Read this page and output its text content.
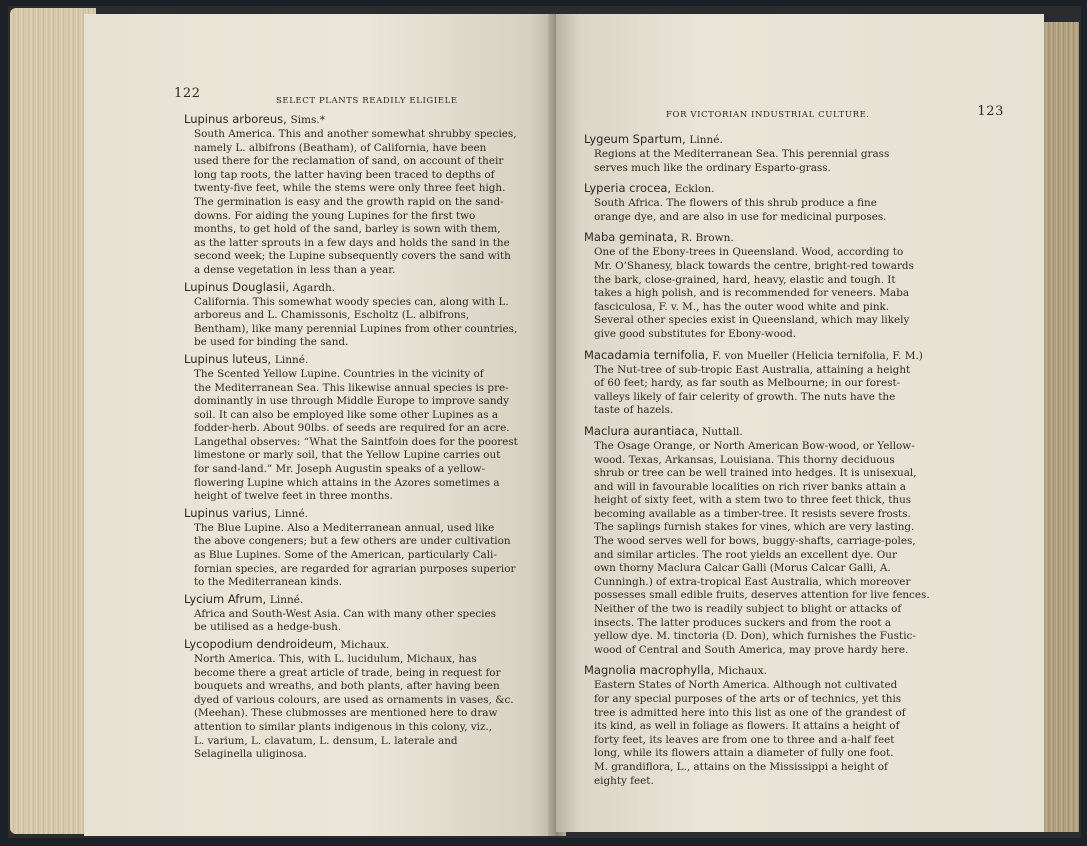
122	SELECT PLANTS READILY ELIGIELE
Lupinus arboreus, Sims.*
South America. This and another somewhat shrubby species,
namely L. albifrons (Beatham), of California, have been
used there for the reclamation of sand, on account of their
long tap roots, the latter having been traced to depths of
twenty-five feet, while the stems were only three feet high.
The germination is easy and the growth rapid on the sand-
downs. For aiding the young Lupines for the first two
months, to get hold of the sand, barley is sown with them,
as the latter sprouts in a few days and holds the sand in the
second week; the Lupine subsequently covers the sand with
a dense vegetation in less than a year.
Lupinus Douglasii, Agardh.
California. This somewhat woody species can, along with L.
arboreus and L. Chamissonis, Escholtz (L. albifrons,
Bentham), like many perennial Lupines from other countries,
be used for binding the sand.
Lupinus luteus, Linné.
The Scented Yellow Lupine. Countries in the vicinity of
the Mediterranean Sea. This likewise annual species is pre-
dominantly in use through Middle Europe to improve sandy
soil. It can also be employed like some other Lupines as a
fodder-herb. About 90lbs. of seeds are required for an acre.
Langethal observes: “What the Saintfoin does for the poorest
limestone or marly soil, that the Yellow Lupine carries out
for sand-land.” Mr. Joseph Augustin speaks of a yellow-
flowering Lupine which attains in the Azores sometimes a
height of twelve feet in three months.
Lupinus varius, Linné.
The Blue Lupine. Also a Mediterranean annual, used like
the above congeners; but a few others are under cultivation
as Blue Lupines. Some of the American, particularly Cali-
fornian species, are regarded for agrarian purposes superior
to the Mediterranean kinds.
Lycium Afrum, Linné.
Africa and South-West Asia. Can with many other species
be utilised as a hedge-bush.
Lycopodium dendroideum, Michaux.
North America. This, with L. lucidulum, Michaux, has
become there a great article of trade, being in request for
bouquets and wreaths, and both plants, after having been
dyed of various colours, are used as ornaments in vases, &c.
(Meehan). These clubmosses are mentioned here to draw
attention to similar plants indigenous in this colony, viz.,
L. varium, L. clavatum, L. densum, L. laterale and
Selaginella uliginosa.
FOR VICTORIAN INDUSTRIAL CULTURE.	123
Lygeum Spartum, Linné.
Regions at the Mediterranean Sea. This perennial grass
serves much like the ordinary Esparto-grass.
Lyperia crocea, Ecklon.
South Africa. The flowers of this shrub produce a fine
orange dye, and are also in use for medicinal purposes.
Maba geminata, R. Brown.
One of the Ebony-trees in Queensland. Wood, according to
Mr. O’Shanesy, black towards the centre, bright-red towards
the bark, close-grained, hard, heavy, elastic and tough. It
takes a high polish, and is recommended for veneers. Maba
fasciculosa, F. v. M., has the outer wood white and pink.
Several other species exist in Queensland, which may likely
give good substitutes for Ebony-wood.
Macadamia ternifolia, F. von Mueller (Helicia ternifolia, F. M.)
The Nut-tree of sub-tropic East Australia, attaining a height
of 60 feet; hardy, as far south as Melbourne; in our forest-
valleys likely of fair celerity of growth. The nuts have the
taste of hazels.
Maclura aurantiaca, Nuttall.
The Osage Orange, or North American Bow-wood, or Yellow-
wood. Texas, Arkansas, Louisiana. This thorny deciduous
shrub or tree can be well trained into hedges. It is unisexual,
and will in favourable localities on rich river banks attain a
height of sixty feet, with a stem two to three feet thick, thus
becoming available as a timber-tree. It resists severe frosts.
The saplings furnish stakes for vines, which are very lasting.
The wood serves well for bows, buggy-shafts, carriage-poles,
and similar articles. The root yields an excellent dye. Our
own thorny Maclura Calcar Galli (Morus Calcar Galli, A.
Cunningh.) of extra-tropical East Australia, which moreover
possesses small edible fruits, deserves attention for live fences.
Neither of the two is readily subject to blight or attacks of
insects. The latter produces suckers and from the root a
yellow dye. M. tinctoria (D. Don), which furnishes the Fustic-
wood of Central and South America, may prove hardy here.
Magnolia macrophylla, Michaux.
Eastern States of North America. Although not cultivated
for any special purposes of the arts or of technics, yet this
tree is admitted here into this list as one of the grandest of
its kind, as well in foliage as flowers. It attains a height of
forty feet, its leaves are from one to three and a-half feet
long, while its flowers attain a diameter of fully one foot.
M. grandiflora, L., attains on the Mississippi a height of
eighty feet.
